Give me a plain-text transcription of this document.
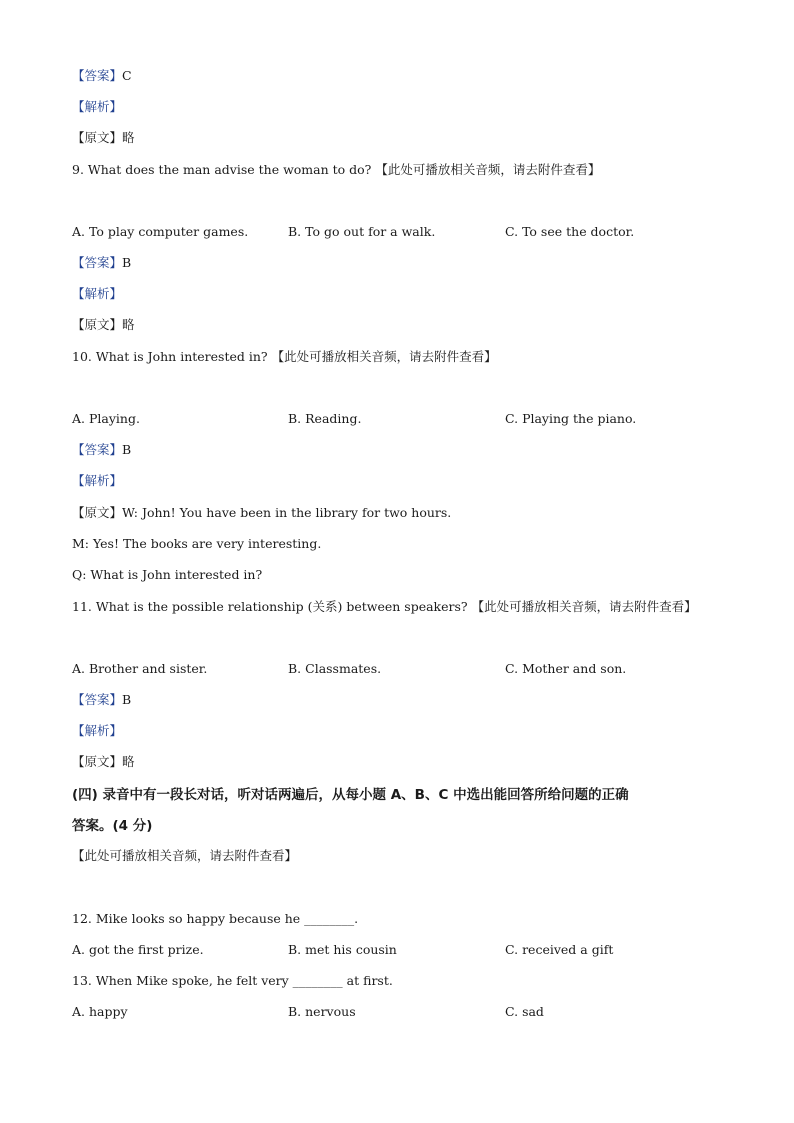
【答案】C
【解析】
【原文】略
9. What does the man advise the woman to do? 【此处可播放相关音频，请去附件查看】
A. To play computer games.	B. To go out for a walk.	C. To see the doctor.
【答案】B
【解析】
【原文】略
10. What is John interested in? 【此处可播放相关音频，请去附件查看】
A. Playing.	B. Reading.	C. Playing the piano.
【答案】B
【解析】
【原文】W: John! You have been in the library for two hours.
M: Yes! The books are very interesting.
Q: What is John interested in?
11. What is the possible relationship (关系) between speakers? 【此处可播放相关音频，请去附件查看】
A. Brother and sister.	B. Classmates.	C. Mother and son.
【答案】B
【解析】
【原文】略
(四) 录音中有一段长对话，听对话两遍后，从每小题 A、B、C 中选出能回答所给问题的正确
答案。(4 分)
【此处可播放相关音频，请去附件查看】
12. Mike looks so happy because he ________.
A. got the first prize.	B. met his cousin	C. received a gift
13. When Mike spoke, he felt very ________ at first.
A. happy	B. nervous	C. sad
